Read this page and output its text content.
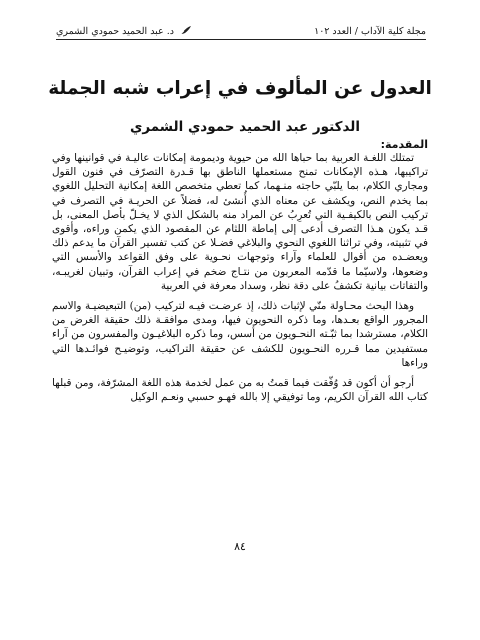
مجلة كلية الآداب / العدد ١٠٢
د. عبد الحميد حمودي الشمري
العدول عن المألوف في إعراب شبه الجملة
الدكتور عبد الحميد حمودي الشمري
المقدمة:

تمتلك اللغـة العربية بما حباها الله من حيوية وديمومة إمكانات عاليـة في قوانينها وفي تراكيبها، هـذه الإمكانات تمنح مستعملها الناطق بها قـدرة التصرّف في فنون القول ومجاري الكلام، بما يلبّي حاجته منـهما، كما تعطي متخصص اللغة إمكانية التحليل اللغوي بما يخدم النص، ويكشف عن معناه الذي أُنشئ له، فضلاً عن الحريـة في التصرف في تركيب النص بالكيفـية التي تُعرِبُ عن المراد منه بالشكل الذي لا يخـلّ بأصل المعنى، بل قـد يكون هـذا التصرف أدعى إلى إماطة اللثام عن المقصود الذي يكمن وراءه، وأقوى في تثبيته، وفي تراثنا اللغوي النحوي والبلاغي فضـلا عن كتب تفسير القرآن ما يدعم ذلك ويعضـده من أقوال للعلماء وآراء وتوجهات نحـوية على وفق القواعد والأسس التي وضعوها، ولاسيّما ما قدّمه المعربون من نتـاج ضخم في إعراب القرآن، وتبيان لغريبـه، والتفاتات بيانية تكشفُ على دقة نظر، وسداد معرفة في العربية

وهذا البحث محـاولة منّي لإثبات ذلك، إذ عرضـت فيـه لتركيب (من) التبعيضيـة والاسم المجرور الواقع بعـدها، وما ذكره النحويون فيها، ومدى موافقـة ذلك حقيقة الغرض من الكلام، مسترشدا بما ثبّـته النحـويون من أسس، وما ذكره البلاغيـون والمفسرون من آراء مستفيدين مما قـرره النحـويون للكشف عن حقيقة التراكيب، وتوضيـح فوائـدها التي وراءها

أرجو أن أكون قد وُفّقت فيما قمتُ به من عمل لخدمة هذه اللغة المشرّفة، ومن قبلها كتاب الله القرآن الكريم، وما توفيقي إلا بالله فهـو حسبي ونعـم الوكيل

٨٤
